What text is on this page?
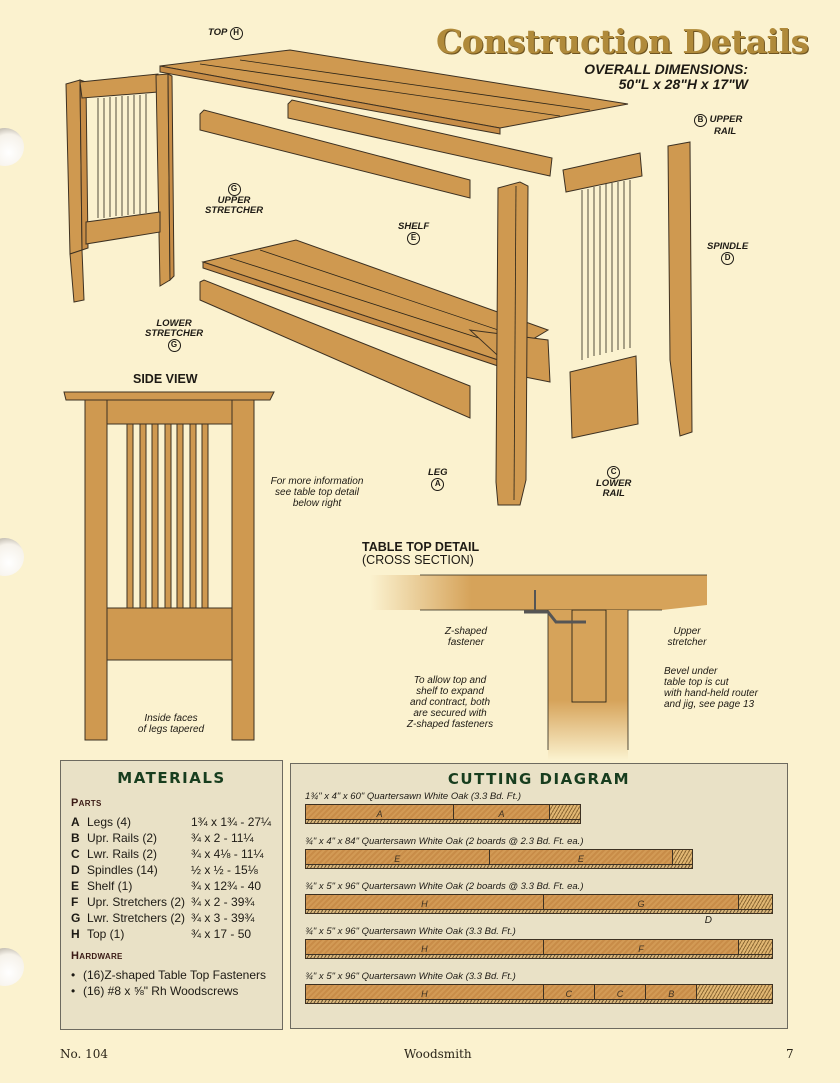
Construction Details
OVERALL DIMENSIONS:
50"L x 28"H x 17"W
TOP H
G
UPPER
STRETCHER
SHELF
E
LOWER
STRETCHER
G
B UPPER
RAIL
SPINDLE
D
LEG
A
C
LOWER
RAIL
SIDE VIEW
For more information
see table top detail
below right
Inside faces
of legs tapered
TABLE TOP DETAIL
(CROSS SECTION)
Z-shaped
fastener
Upper
stretcher
To allow top and
shelf to expand
and contract, both
are secured with
Z-shaped fasteners
Bevel under
table top is cut
with hand-held router
and jig, see page 13
MATERIALS
Parts
A Legs (4)	1¾ x 1¾ - 27¼
B Upr. Rails (2)	¾ x 2 - 11¼
C Lwr. Rails (2)	¾ x 4⅛ - 11¼
D Spindles (14)	½ x ½ - 15⅛
E Shelf (1)	¾ x 12¾ - 40
F Upr. Stretchers (2) ¾ x 2 - 39¾
G Lwr. Stretchers (2) ¾ x 3 - 39¾
H Top (1)	¾ x 17 - 50
Hardware
• (16)Z-shaped Table Top Fasteners
• (16) #8 x ⅝" Rh Woodscrews
CUTTING DIAGRAM
1¾" x 4" x 60" Quartersawn White Oak (3.3 Bd. Ft.)
A	A
¾" x 4" x 84" Quartersawn White Oak (2 boards @ 2.3 Bd. Ft. ea.)
E	E
¾" x 5" x 96" Quartersawn White Oak (2 boards @ 3.3 Bd. Ft. ea.)
H	G
D
¾" x 5" x 96" Quartersawn White Oak (3.3 Bd. Ft.)
H	F
¾" x 5" x 96" Quartersawn White Oak (3.3 Bd. Ft.)
H	C	C	B
No. 104	Woodsmith	7
